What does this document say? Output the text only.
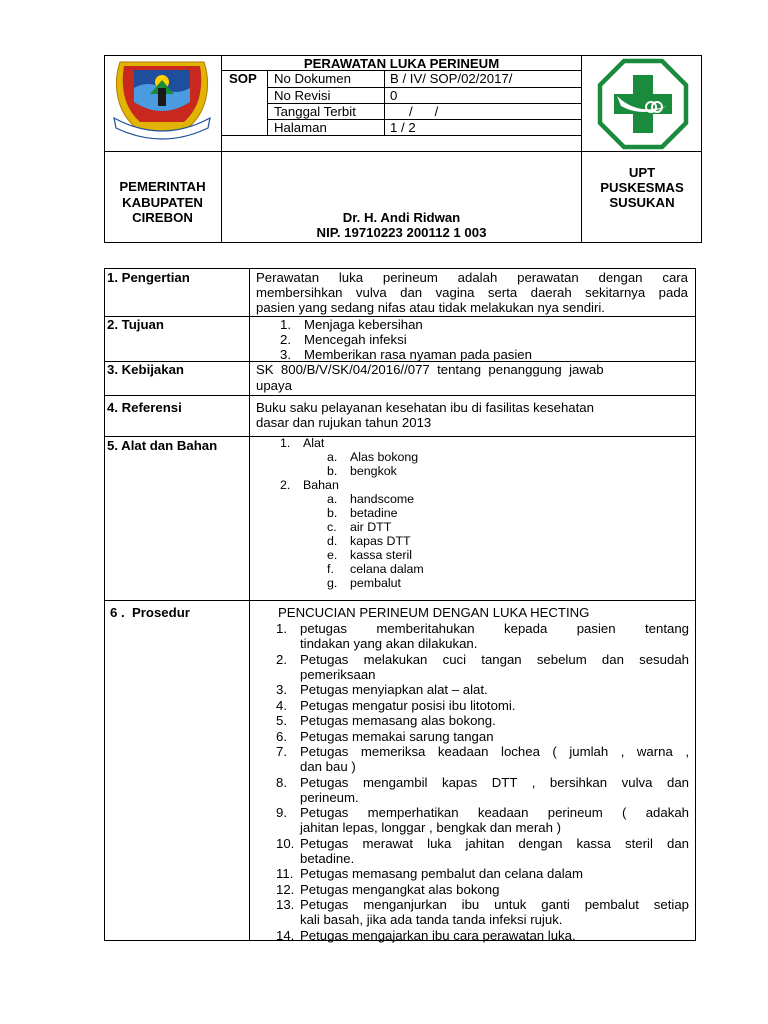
PERAWATAN LUKA PERINEUM
SOP No Dokumen	B / IV/ SOP/02/2017/
No Revisi	0
Tanggal Terbit	/      /
Halaman	1 / 2
PEMERINTAH
KABUPATEN
CIREBON	Dr. H. Andi Ridwan
NIP. 19710223 200112 1 003
UPT
PUSKESMAS
SUSUKAN
1. Pengertian	Perawatan luka perineum adalah perawatan dengan cara
membersihkan vulva dan vagina serta daerah sekitarnya pada
pasien yang sedang nifas atau tidak melakukan nya sendiri.
2. Tujuan	1. Menjaga kebersihan
2. Mencegah infeksi
3. Memberikan rasa nyaman pada pasien
3. Kebijakan	SK  800/B/V/SK/04/2016//077  tentang  penanggung  jawab
upaya
4. Referensi	Buku saku pelayanan kesehatan ibu di fasilitas kesehatan
dasar dan rujukan tahun 2013
5. Alat dan Bahan	1. Alat
a. Alas bokong
b. bengkok
2. Bahan
a. handscome
b. betadine
c. air DTT
d. kapas DTT
e. kassa steril
f. celana dalam
g. pembalut
6 .  Prosedur	PENCUCIAN PERINEUM DENGAN LUKA HECTING
1. petugas    memberitahukan    kepada    pasien    tentang
tindakan yang akan dilakukan.
2. Petugas melakukan cuci tangan sebelum dan sesudah
pemeriksaan
3. Petugas menyiapkan alat – alat.
4. Petugas mengatur posisi ibu litotomi.
5. Petugas memasang alas bokong.
6. Petugas memakai sarung tangan
7. Petugas memeriksa keadaan lochea ( jumlah , warna ,
dan bau )
8. Petugas mengambil kapas DTT , bersihkan vulva dan
perineum.
9. Petugas memperhatikan keadaan perineum ( adakah
jahitan lepas, longgar , bengkak dan merah )
10. Petugas merawat luka jahitan dengan kassa steril dan
betadine.
11. Petugas memasang pembalut dan celana dalam
12. Petugas mengangkat alas bokong
13. Petugas menganjurkan ibu untuk ganti pembalut setiap
kali basah, jika ada tanda tanda infeksi rujuk.
14. Petugas mengajarkan ibu cara perawatan luka.
